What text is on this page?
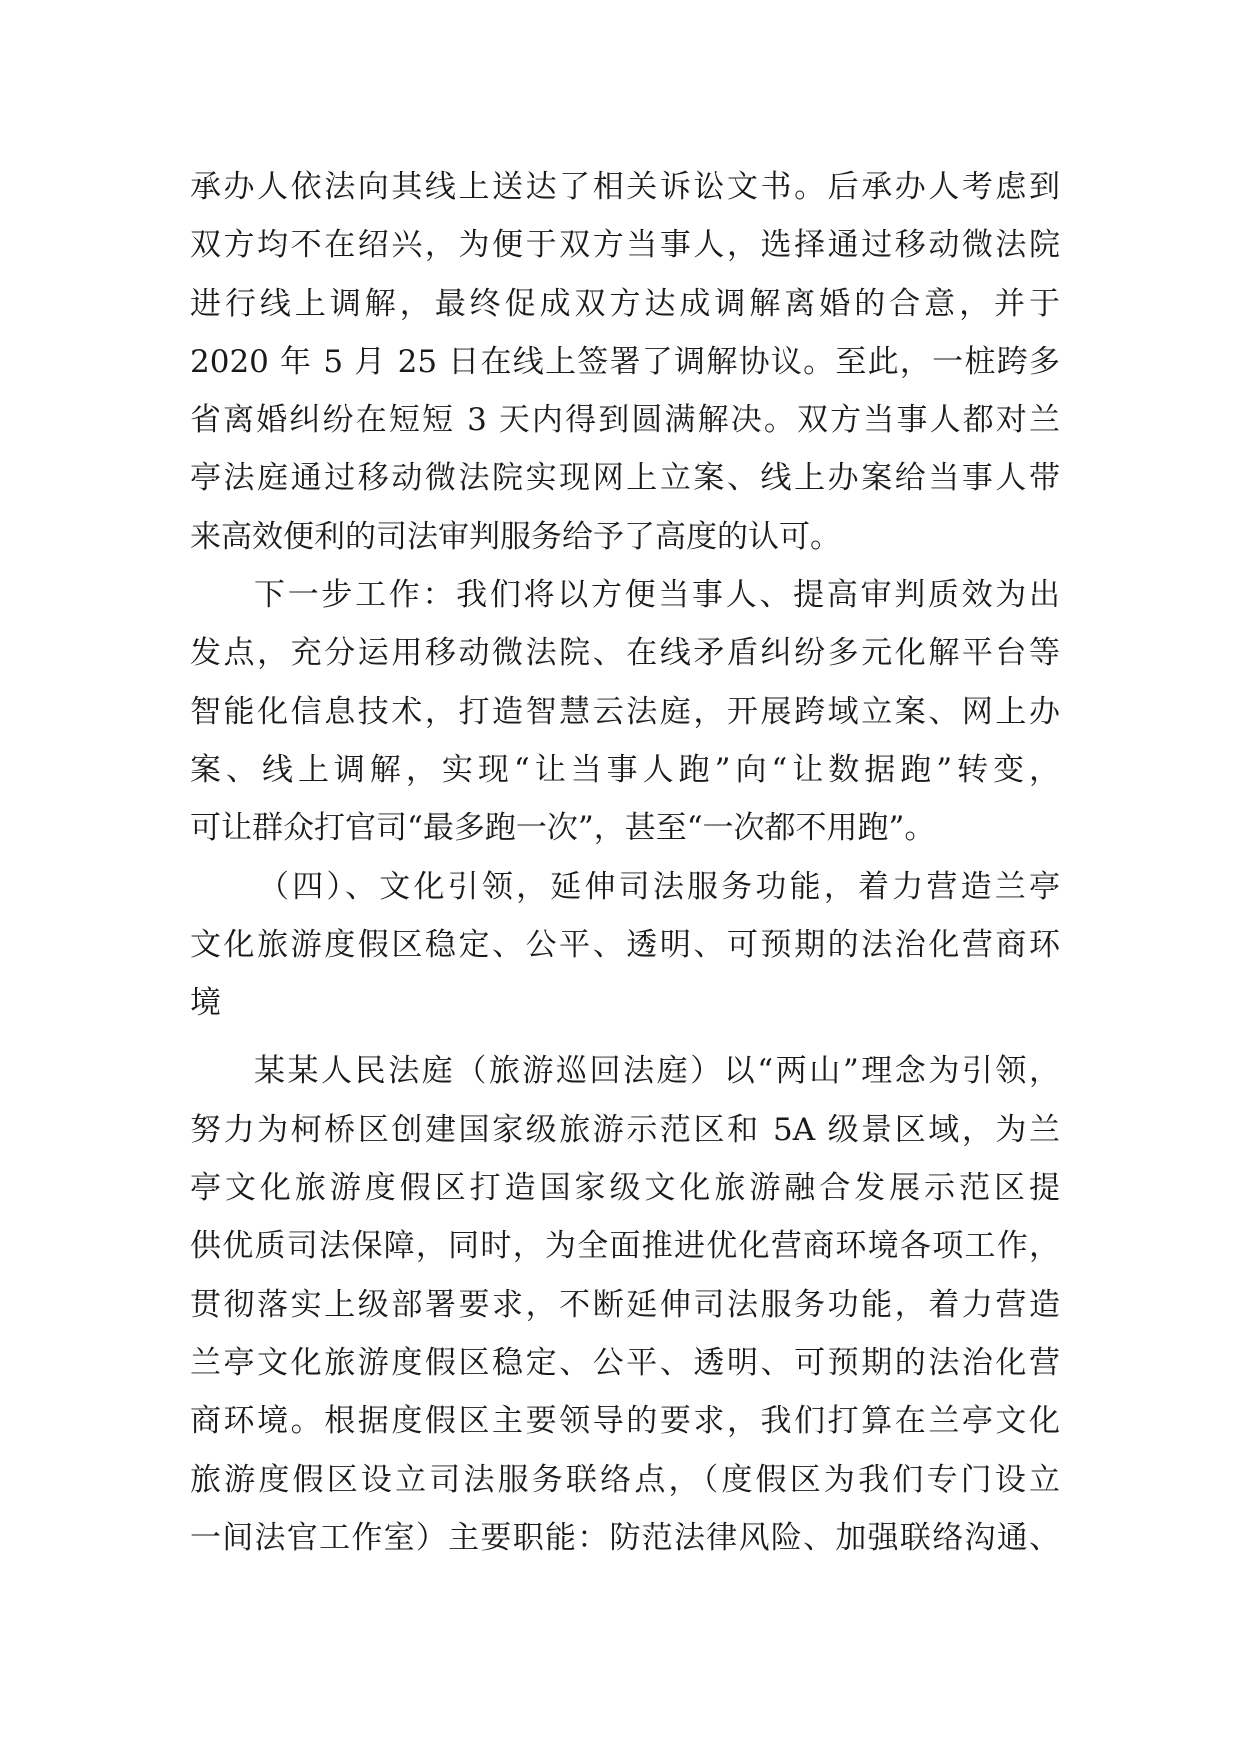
承办人依法向其线上送达了相关诉讼文书。后承办人考虑到
双方均不在绍兴，为便于双方当事人，选择通过移动微法院
进行线上调解，最终促成双方达成调解离婚的合意，并于
2020 年 5 月 25 日在线上签署了调解协议。至此，一桩跨多
省离婚纠纷在短短 3 天内得到圆满解决。双方当事人都对兰
亭法庭通过移动微法院实现网上立案、线上办案给当事人带
来高效便利的司法审判服务给予了高度的认可。
下一步工作：我们将以方便当事人、提高审判质效为出
发点，充分运用移动微法院、在线矛盾纠纷多元化解平台等
智能化信息技术，打造智慧云法庭，开展跨域立案、网上办
案、线上调解，实现“让当事人跑”向“让数据跑”转变，
可让群众打官司“最多跑一次”，甚至“一次都不用跑”。
（四）、文化引领，延伸司法服务功能，着力营造兰亭
文化旅游度假区稳定、公平、透明、可预期的法治化营商环
境
某某人民法庭（旅游巡回法庭）以“两山”理念为引领，
努力为柯桥区创建国家级旅游示范区和 5A 级景区域，为兰
亭文化旅游度假区打造国家级文化旅游融合发展示范区提
供优质司法保障，同时，为全面推进优化营商环境各项工作，
贯彻落实上级部署要求，不断延伸司法服务功能，着力营造
兰亭文化旅游度假区稳定、公平、透明、可预期的法治化营
商环境。根据度假区主要领导的要求，我们打算在兰亭文化
旅游度假区设立司法服务联络点，（度假区为我们专门设立
一间法官工作室）主要职能：防范法律风险、加强联络沟通、
